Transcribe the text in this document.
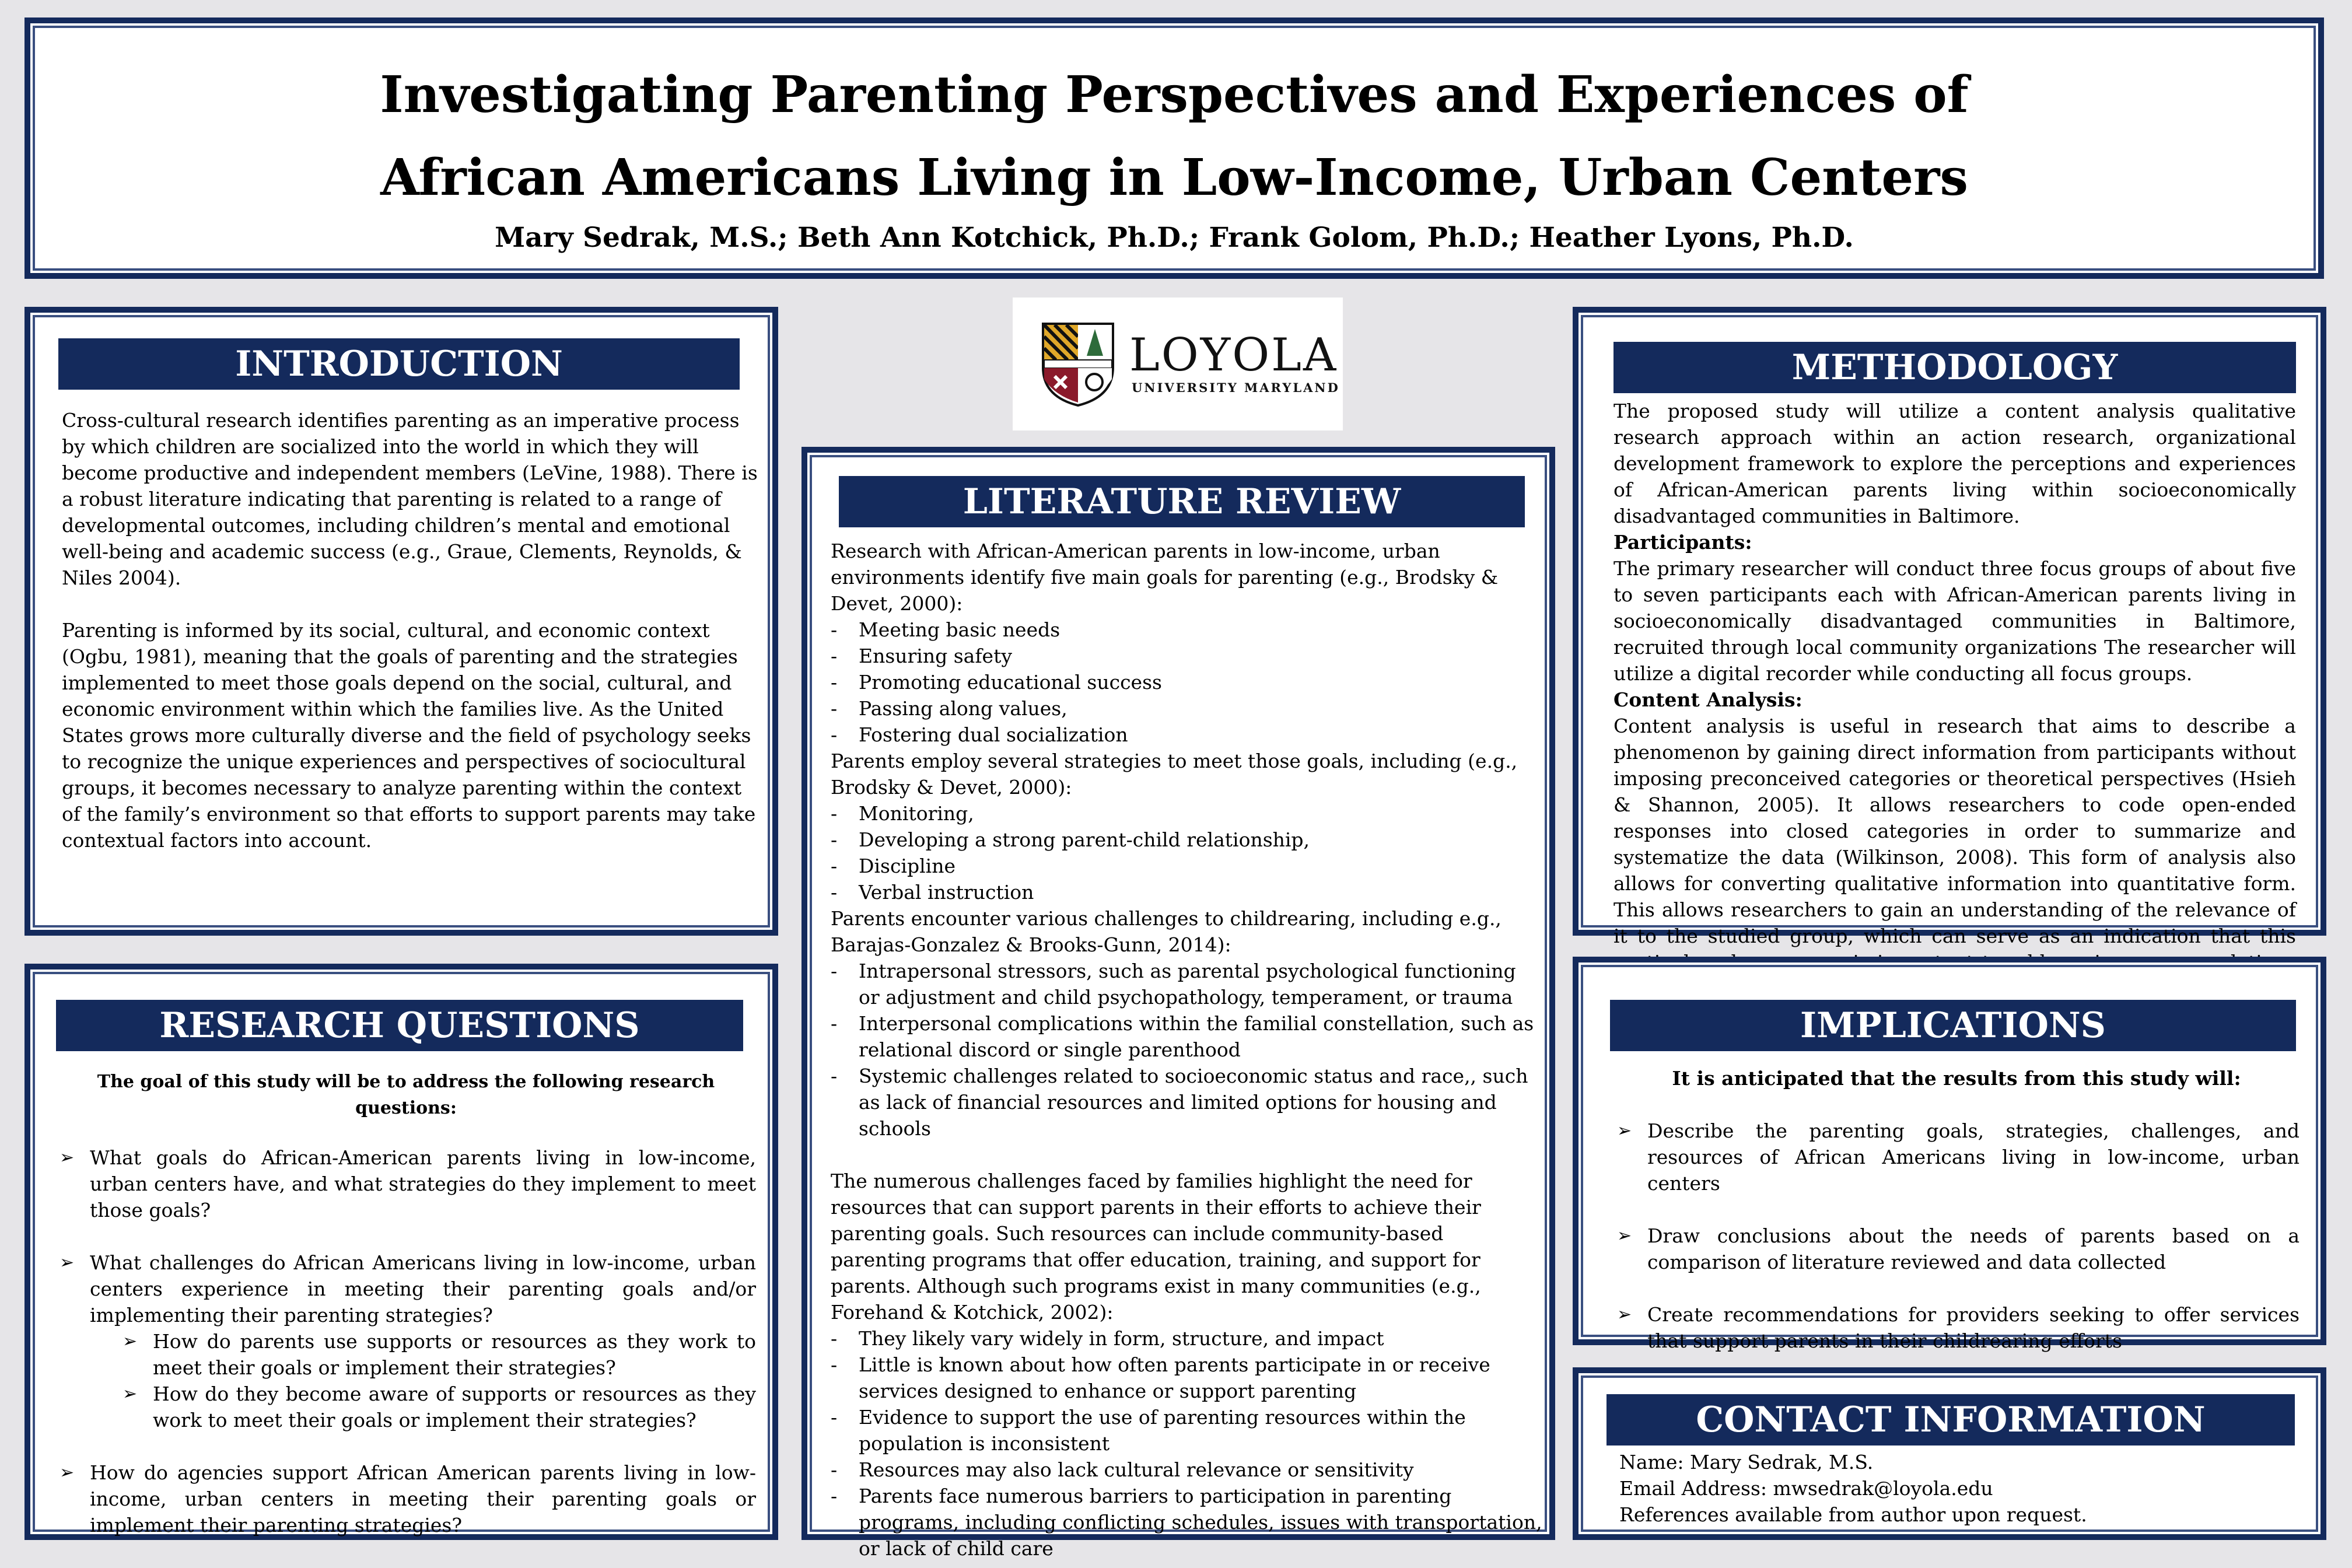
Investigating Parenting Perspectives and Experiences of
African Americans Living in Low-Income, Urban Centers
Mary Sedrak, M.S.; Beth Ann Kotchick, Ph.D.; Frank Golom, Ph.D.; Heather Lyons, Ph.D.
INTRODUCTION

Cross-cultural research identifies parenting as an imperative process by which children are socialized into the world in which they will become productive and independent members (LeVine, 1988). There is a robust literature indicating that parenting is related to a range of developmental outcomes, including children’s mental and emotional well-being and academic success (e.g., Graue, Clements, Reynolds, & Niles 2004).

Parenting is informed by its social, cultural, and economic context (Ogbu, 1981), meaning that the goals of parenting and the strategies implemented to meet those goals depend on the social, cultural, and economic environment within which the families live. As the United States grows more culturally diverse and the field of psychology seeks to recognize the unique experiences and perspectives of sociocultural groups, it becomes necessary to analyze parenting within the context of the family’s environment so that efforts to support parents may take contextual factors into account.

RESEARCH QUESTIONS
The goal of this study will be to address the following research questions:
➢ What goals do African-American parents living in low-income, urban centers have, and what strategies do they implement to meet those goals?
➢ What challenges do African Americans living in low-income, urban centers experience in meeting their parenting goals and/or implementing their parenting strategies?
➢ How do parents use supports or resources as they work to meet their goals or implement their strategies?
➢ How do they become aware of supports or resources as they work to meet their goals or implement their strategies?
➢ How do agencies support African American parents living in low-income, urban centers in meeting their parenting goals or implement their parenting strategies?
LOYOLA
UNIVERSITY MARYLAND
LITERATURE REVIEW
Research with African-American parents in low-income, urban environments identify five main goals for parenting (e.g., Brodsky & Devet, 2000):
- Meeting basic needs
- Ensuring safety
- Promoting educational success
- Passing along values,
- Fostering dual socialization
Parents employ several strategies to meet those goals, including (e.g., Brodsky & Devet, 2000):
- Monitoring,
- Developing a strong parent-child relationship,
- Discipline
- Verbal instruction
Parents encounter various challenges to childrearing, including e.g., Barajas-Gonzalez & Brooks-Gunn, 2014):
- Intrapersonal stressors, such as parental psychological functioning or adjustment and child psychopathology, temperament, or trauma
- Interpersonal complications within the familial constellation, such as relational discord or single parenthood
- Systemic challenges related to socioeconomic status and race,, such as lack of financial resources and limited options for housing and schools
The numerous challenges faced by families highlight the need for resources that can support parents in their efforts to achieve their parenting goals. Such resources can include community-based parenting programs that offer education, training, and support for parents. Although such programs exist in many communities (e.g., Forehand & Kotchick, 2002):
- They likely vary widely in form, structure, and impact
- Little is known about how often parents participate in or receive services designed to enhance or support parenting
- Evidence to support the use of parenting resources within the population is inconsistent
- Resources may also lack cultural relevance or sensitivity
- Parents face numerous barriers to participation in parenting programs, including conflicting schedules, issues with transportation, or lack of child care
METHODOLOGY
The proposed study will utilize a content analysis qualitative research approach within an action research, organizational development framework to explore the perceptions and experiences of African-American parents living within socioeconomically disadvantaged communities in Baltimore.
Participants:
The primary researcher will conduct three focus groups of about five to seven participants each with African-American parents living in socioeconomically disadvantaged communities in Baltimore, recruited through local community organizations The researcher will utilize a digital recorder while conducting all focus groups.
Content Analysis:
Content analysis is useful in research that aims to describe a phenomenon by gaining direct information from participants without imposing preconceived categories or theoretical perspectives (Hsieh & Shannon, 2005). It allows researchers to code open-ended responses into closed categories in order to summarize and systematize the data (Wilkinson, 2008). This form of analysis also allows for converting qualitative information into quantitative form. This allows researchers to gain an understanding of the relevance of it to the studied group, which can serve as an indication that this
IMPLICATIONS
It is anticipated that the results from this study will:
➢ Describe the parenting goals, strategies, challenges, and resources of African Americans living in low-income, urban centers
➢ Draw conclusions about the needs of parents based on a comparison of literature reviewed and data collected
➢ Create recommendations for providers seeking to offer services that support parents in their childrearing efforts
CONTACT INFORMATION
Name: Mary Sedrak, M.S.
Email Address: mwsedrak@loyola.edu
References available from author upon request.
